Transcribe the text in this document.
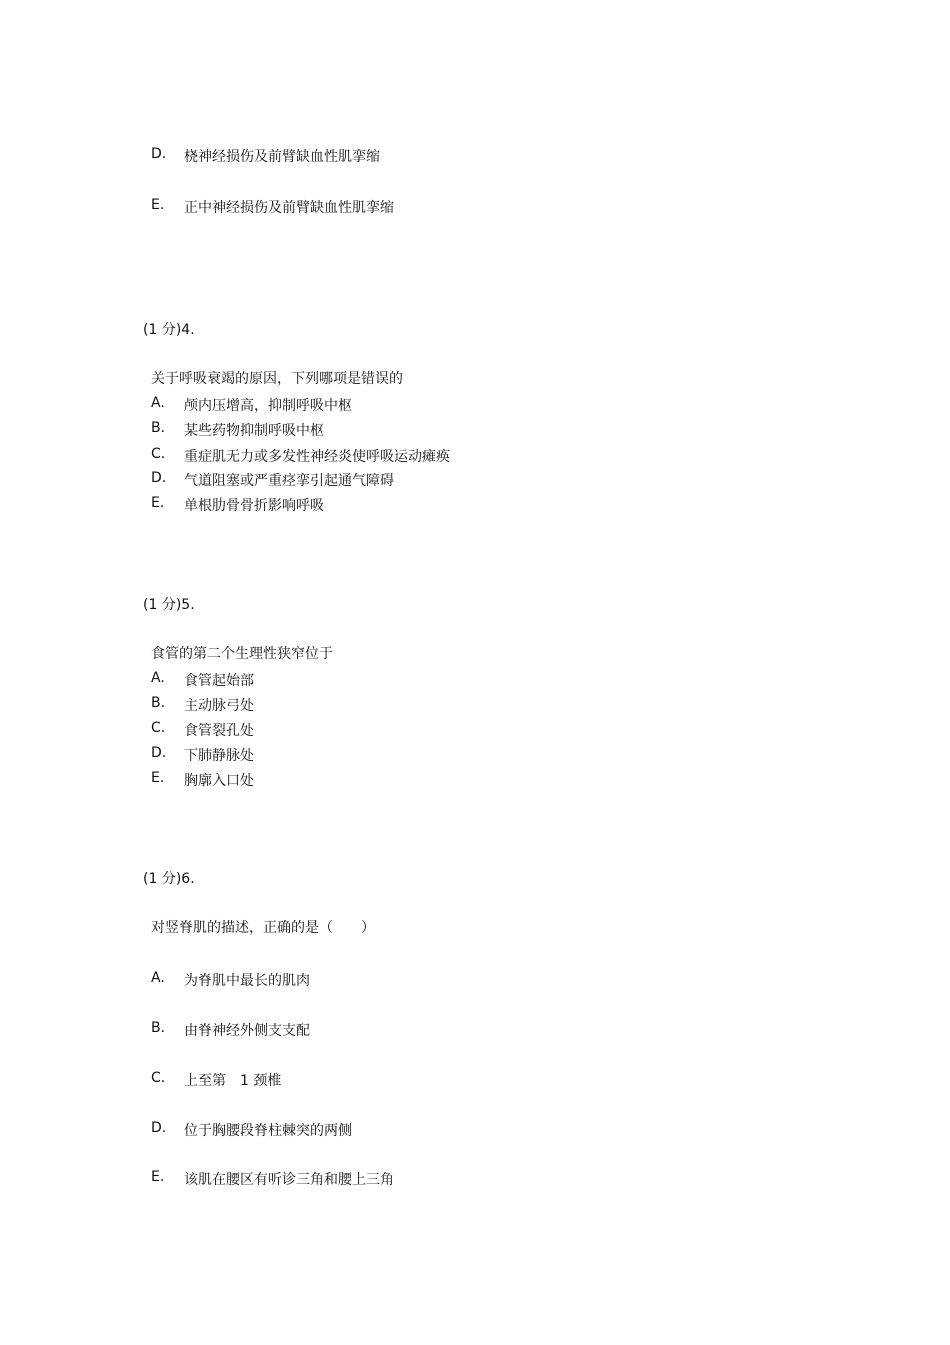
D. 桡神经损伤及前臂缺血性肌挛缩
E. 正中神经损伤及前臂缺血性肌挛缩
(1 分)4.
关于呼吸衰竭的原因，下列哪项是错误的
A. 颅内压增高，抑制呼吸中枢
B. 某些药物抑制呼吸中枢
C. 重症肌无力或多发性神经炎使呼吸运动瘫痪
D. 气道阻塞或严重痉挛引起通气障碍
E. 单根肋骨骨折影响呼吸
(1 分)5.
食管的第二个生理性狭窄位于
A. 食管起始部
B. 主动脉弓处
C. 食管裂孔处
D. 下肺静脉处
E. 胸廓入口处
(1 分)6.
对竖脊肌的描述，正确的是（　　）
A. 为脊肌中最长的肌肉
B. 由脊神经外侧支支配
C. 上至第　1 颈椎
D. 位于胸腰段脊柱棘突的两侧
E. 该肌在腰区有听诊三角和腰上三角
